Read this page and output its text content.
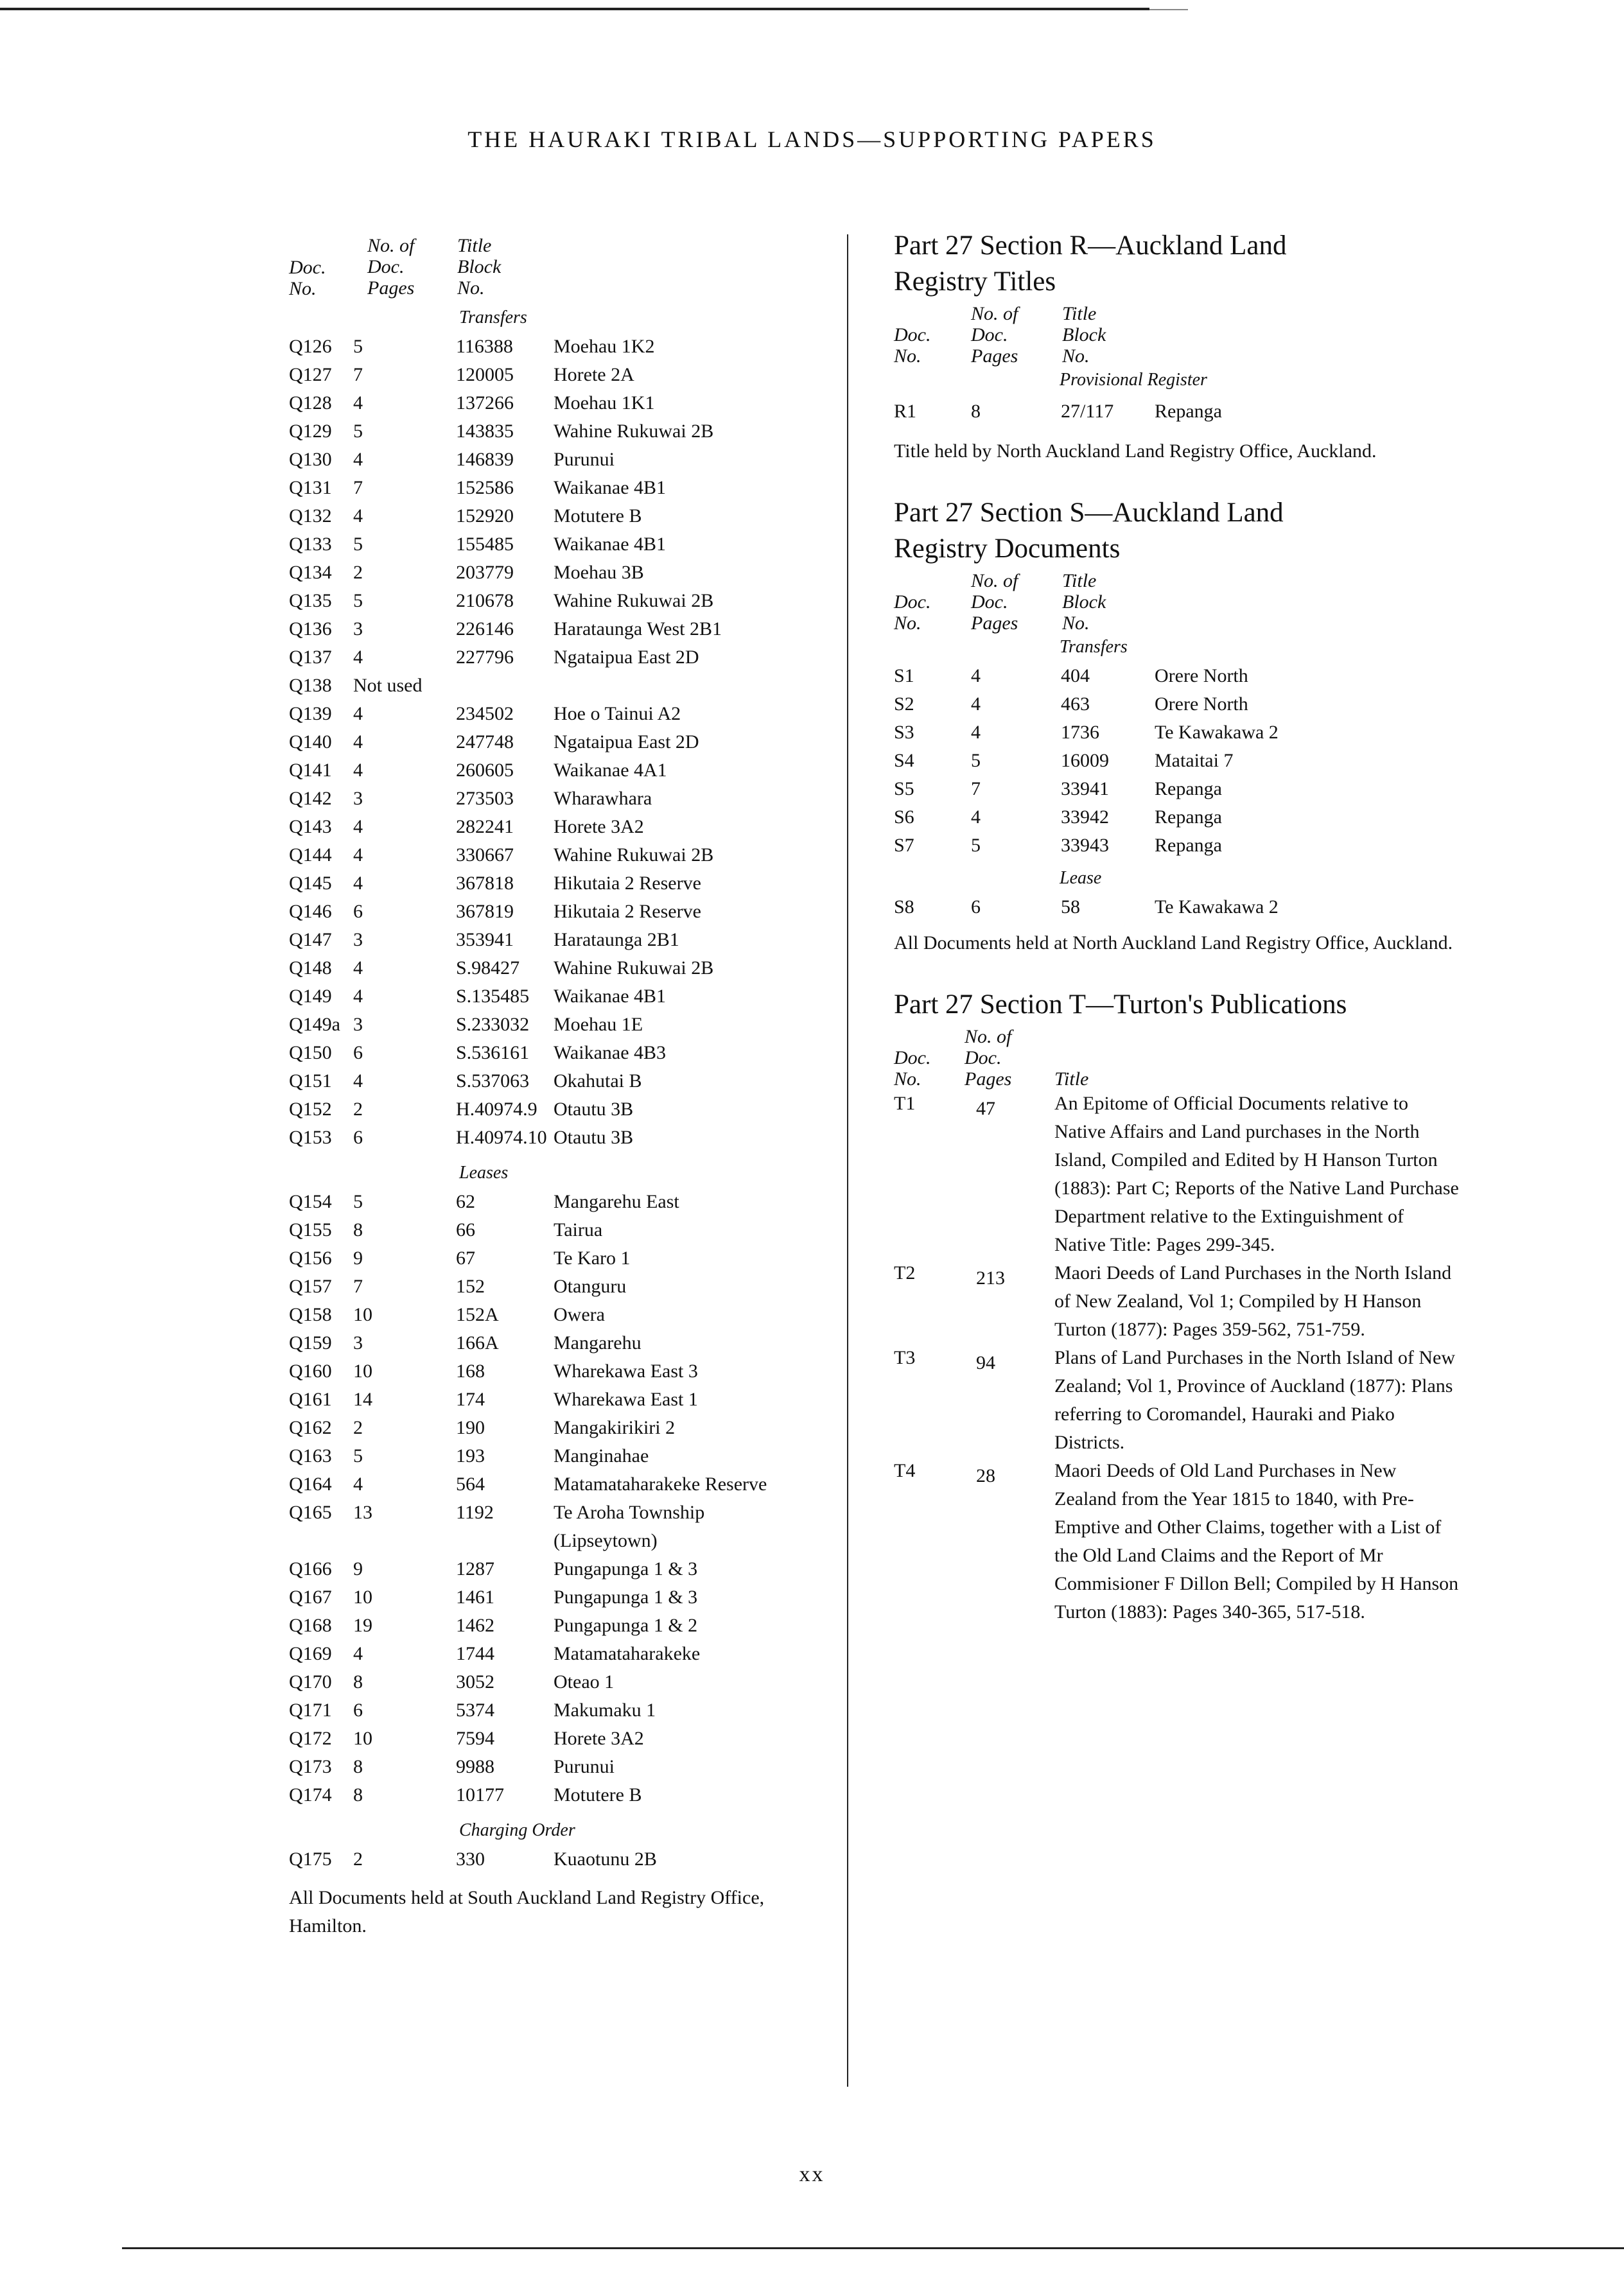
THE HAURAKI TRIBAL LANDS—SUPPORTING PAPERS
Doc.
No.
No. of
Doc.
Pages
Title
Block
No.
Transfers
Q126 5	116388 Moehau 1K2
Q127 7	120005 Horete 2A
Q128 4	137266 Moehau 1K1
Q129 5	143835 Wahine Rukuwai 2B
Q130 4	146839 Purunui
Q131 7	152586 Waikanae 4B1
Q132 4	152920 Motutere B
Q133 5	155485 Waikanae 4B1
Q134 2	203779 Moehau 3B
Q135 5	210678 Wahine Rukuwai 2B
Q136 3	226146 Harataunga West 2B1
Q137 4	227796 Ngataipua East 2D
Q138 Not used
Q139 4	234502 Hoe o Tainui A2
Q140 4	247748 Ngataipua East 2D
Q141 4	260605 Waikanae 4A1
Q142 3	273503 Wharawhara
Q143 4	282241 Horete 3A2
Q144 4	330667 Wahine Rukuwai 2B
Q145 4	367818 Hikutaia 2 Reserve
Q146 6	367819 Hikutaia 2 Reserve
Q147 3	353941 Harataunga 2B1
Q148 4	S.98427 Wahine Rukuwai 2B
Q149 4	S.135485 Waikanae 4B1
Q149a 3	S.233032 Moehau 1E
Q150 6	S.536161 Waikanae 4B3
Q151 4	S.537063 Okahutai B
Q152 2	H.40974.9 Otautu 3B
Q153 6	H.40974.10 Otautu 3B
Leases
Q154 5	62	Mangarehu East
Q155 8	66	Tairua
Q156 9	67	Te Karo 1
Q157 7	152	Otanguru
Q158 10	152A	Owera
Q159 3	166A	Mangarehu
Q160 10	168	Wharekawa East 3
Q161 14	174	Wharekawa East 1
Q162 2	190	Mangakirikiri 2
Q163 5	193	Manginahae
Q164 4	564	Matamataharakeke Reserve
Q165 13	1192	Te Aroha Township
(Lipseytown)
Q166 9	1287	Pungapunga 1 & 3
Q167 10	1461	Pungapunga 1 & 3
Q168 19	1462	Pungapunga 1 & 2
Q169 4	1744	Matamataharakeke
Q170 8	3052	Oteao 1
Q171 6	5374	Makumaku 1
Q172 10	7594	Horete 3A2
Q173 8	9988	Purunui
Q174 8	10177	Motutere B
Charging Order
Q175 2	330	Kuaotunu 2B
All Documents held at South Auckland Land Registry Office, Hamilton.
Part 27 Section R—Auckland Land
Registry Titles
Doc.
No.
No. of
Doc.
Pages
Title
Block
No.
Provisional Register
R1	8	27/117 Repanga
Title held by North Auckland Land Registry Office, Auckland.
Part 27 Section S—Auckland Land
Registry Documents
Doc.
No.
No. of
Doc.
Pages
Title
Block
No.
Transfers
S1	4	404	Orere North
S2	4	463	Orere North
S3	4	1736	Te Kawakawa 2
S4	5	16009 Mataitai 7
S5	7	33941 Repanga
S6	4	33942 Repanga
S7	5	33943 Repanga
Lease
S8	6	58	Te Kawakawa 2
All Documents held at North Auckland Land Registry Office, Auckland.
Part 27 Section T—Turton's Publications
Doc.
No.
No. of
Doc.
Pages Title
T1	47	An Epitome of Official Documents relative to Native Affairs and Land purchases in the North Island, Compiled and Edited by H Hanson Turton (1883): Part C; Reports of the Native Land Purchase Department relative to the Extinguishment of Native Title: Pages 299-345.
T2	213	Maori Deeds of Land Purchases in the North Island of New Zealand, Vol 1; Compiled by H Hanson Turton (1877): Pages 359-562, 751-759.
T3	94	Plans of Land Purchases in the North Island of New Zealand; Vol 1, Province of Auckland (1877): Plans referring to Coromandel, Hauraki and Piako Districts.
T4	28	Maori Deeds of Old Land Purchases in New Zealand from the Year 1815 to 1840, with Pre-Emptive and Other Claims, together with a List of the Old Land Claims and the Report of Mr Commisioner F Dillon Bell; Compiled by H Hanson Turton (1883): Pages 340-365, 517-518.
xx
